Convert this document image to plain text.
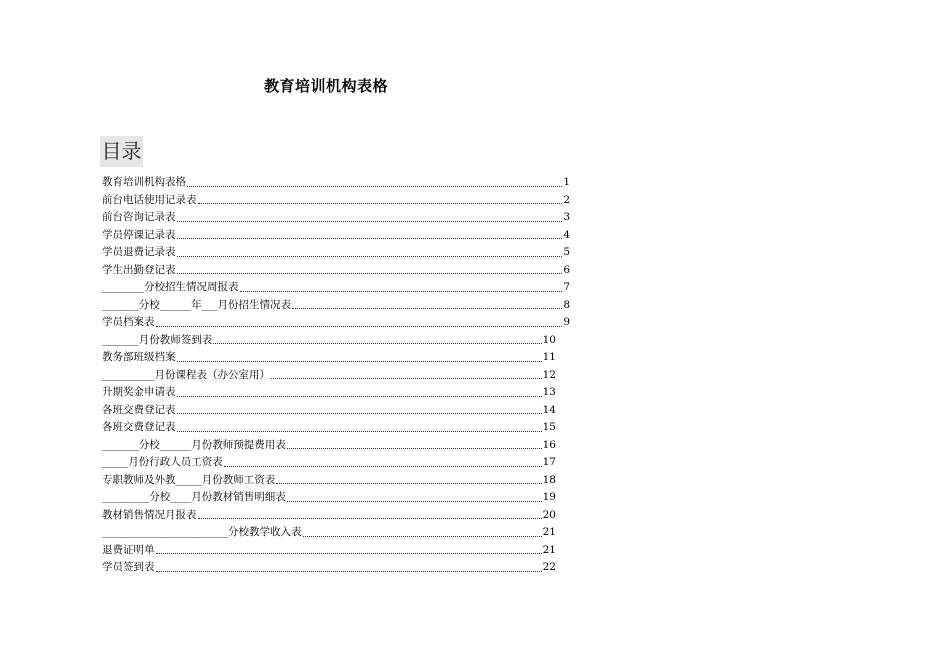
教育培训机构表格
目录
教育培训机构表格	1
前台电话使用记录表	2
前台咨询记录表	3
学员停课记录表	4
学员退费记录表	5
学生出勤登记表	6
________分校招生情况周报表	7
_______分校______年___月份招生情况表	8
学员档案表	9
_______月份教师签到表	10
教务部班级档案	11
__________月份课程表（办公室用）	12
升期奖金申请表	13
各班交费登记表	14
各班交费登记表	15
_______分校______月份教师预提费用表	16
_____月份行政人员工资表	17
专职教师及外教_____月份教师工资表	18
_________分校____月份教材销售明细表	19
教材销售情况月报表	20
________________________分校教学收入表	21
退费证明单	21
学员签到表	22
